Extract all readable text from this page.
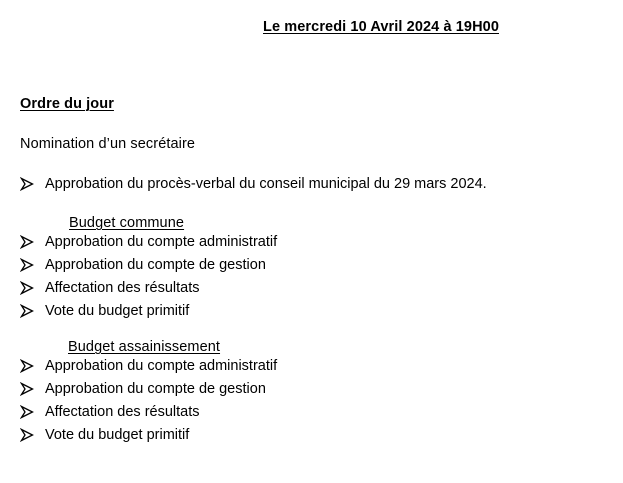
Le mercredi 10 Avril 2024 à 19H00
Ordre du jour
Nomination d’un secrétaire
Approbation du procès-verbal du conseil municipal du 29 mars 2024.
Budget commune
Approbation du compte administratif
Approbation du compte de gestion
Affectation des résultats
Vote du budget primitif
Budget assainissement
Approbation du compte administratif
Approbation du compte de gestion
Affectation des résultats
Vote du budget primitif
